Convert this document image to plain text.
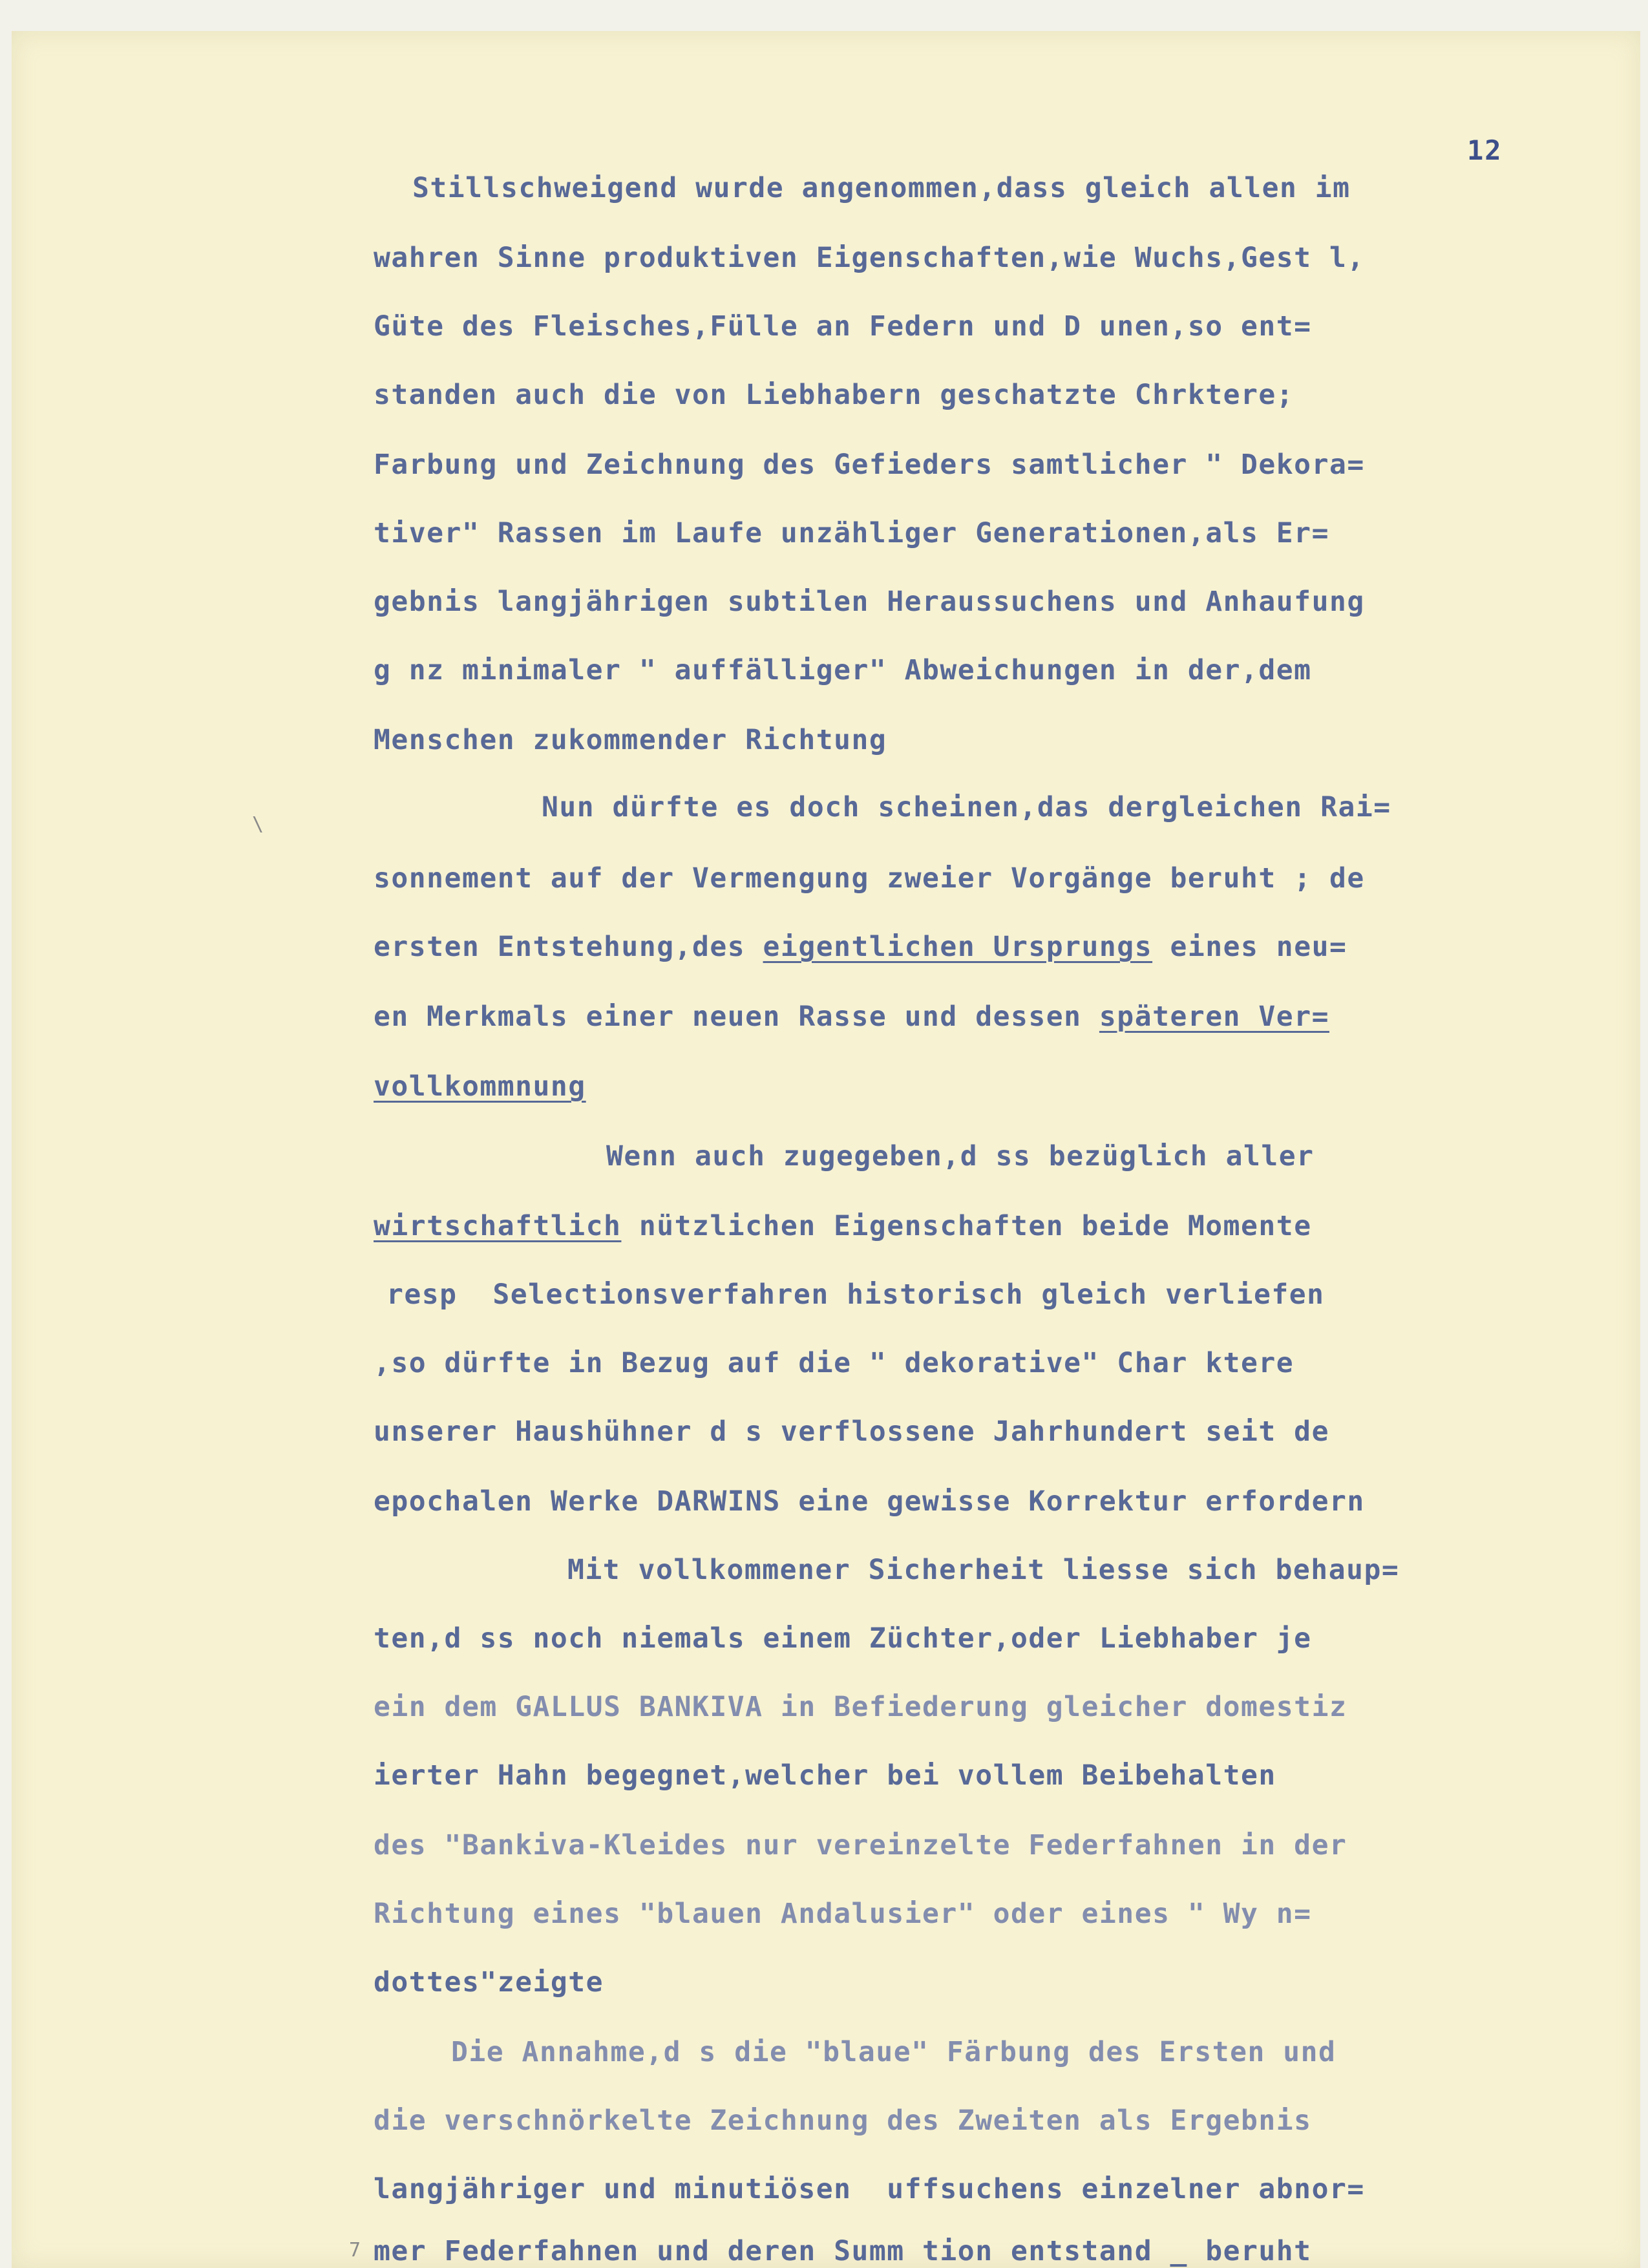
12
Stillschweigend wurde angenommen,dass gleich allen im
wahren Sinne produktiven Eigenschaften,wie Wuchs,Gest l,
Güte des Fleisches,Fülle an Federn und D unen,so ent=
standen auch die von Liebhabern geschatzte Chrktere;
Farbung und Zeichnung des Gefieders samtlicher " Dekora=
tiver" Rassen im Laufe unzähliger Generationen,als Er=
gebnis langjährigen subtilen Heraussuchens und Anhaufung
g nz minimaler " auffälliger" Abweichungen in der,dem
Menschen zukommender Richtung
Nun dürfte es doch scheinen,das dergleichen Rai=
sonnement auf der Vermengung zweier Vorgänge beruht ; de
ersten Entstehung,des eigentlichen Ursprungs eines neu=
en Merkmals einer neuen Rasse und dessen späteren Ver=
vollkommnung
Wenn auch zugegeben,d ss bezüglich aller
wirtschaftlich nützlichen Eigenschaften beide Momente
resp  Selectionsverfahren historisch gleich verliefen
,so dürfte in Bezug auf die " dekorative" Char ktere
unserer Haushühner d s verflossene Jahrhundert seit de
epochalen Werke DARWINS eine gewisse Korrektur erfordern
Mit vollkommener Sicherheit liesse sich behaup=
ten,d ss noch niemals einem Züchter,oder Liebhaber je
ein dem GALLUS BANKIVA in Befiederung gleicher domestiz
ierter Hahn begegnet,welcher bei vollem Beibehalten
des "Bankiva-Kleides nur vereinzelte Federfahnen in der
Richtung eines "blauen Andalusier" oder eines " Wy n=
dottes"zeigte
Die Annahme,d s die "blaue" Färbung des Ersten und
die verschnörkelte Zeichnung des Zweiten als Ergebnis
langjähriger und minutiösen  uffsuchens einzelner abnor=
mer Federfahnen und deren Summ tion entstand _ beruht
\
7
